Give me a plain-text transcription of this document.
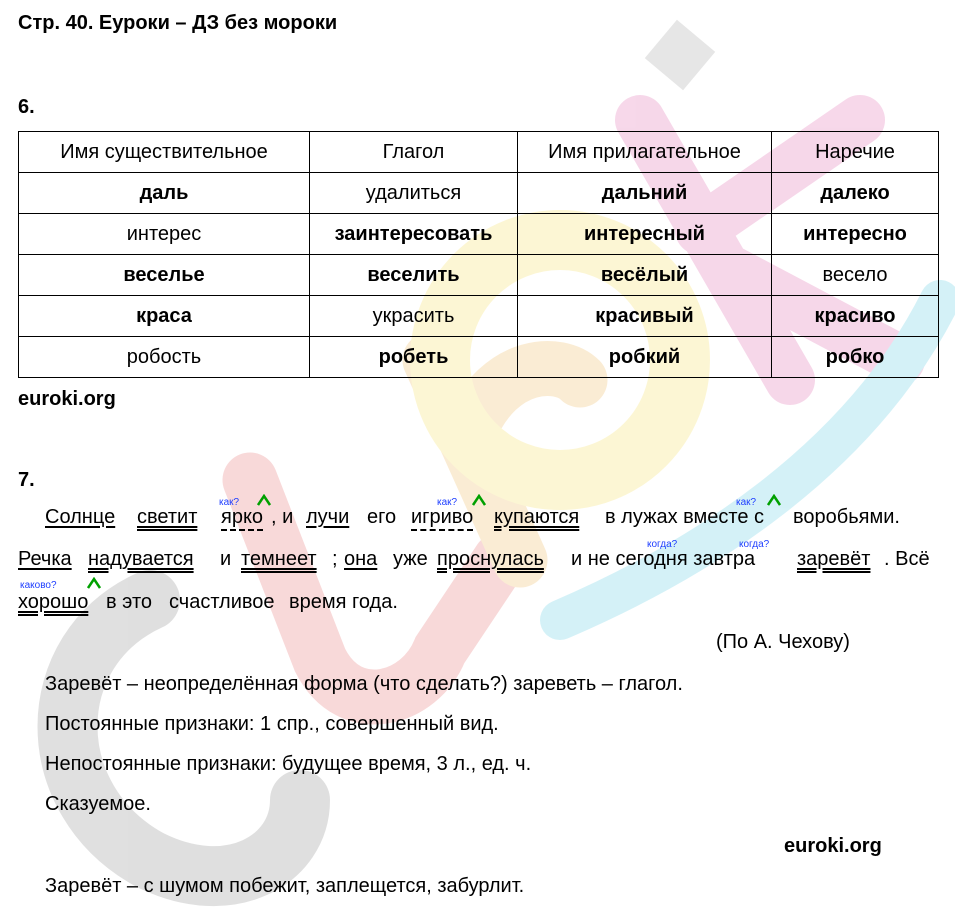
Стр. 40. Еуроки – ДЗ без мороки
6.
Имя существительное	Глагол	Имя прилагательное	Наречие
даль	удалиться	дальний	далеко
интерес	заинтересовать	интересный	интересно
веселье	веселить	весёлый	весело
краса	украсить	красивый	красиво
робость	робеть	робкий	робко
euroki.org
7.
как?	как?	как?
когда?	когда?
каково?
Солнце светит ярко , и лучи его игриво купаются в лужах вместе с воробьями.
Речка надувается и темнеет ; она уже проснулась и не сегодня завтра заревёт . Всё
хорошо в это счастливое время года.
(По А. Чехову)
Заревёт – неопределённая форма (что сделать?) зареветь – глагол.
Постоянные признаки: 1 спр., совершенный вид.
Непостоянные признаки: будущее время, 3 л., ед. ч.
Сказуемое.
euroki.org
Заревёт – с шумом побежит, заплещется, забурлит.
